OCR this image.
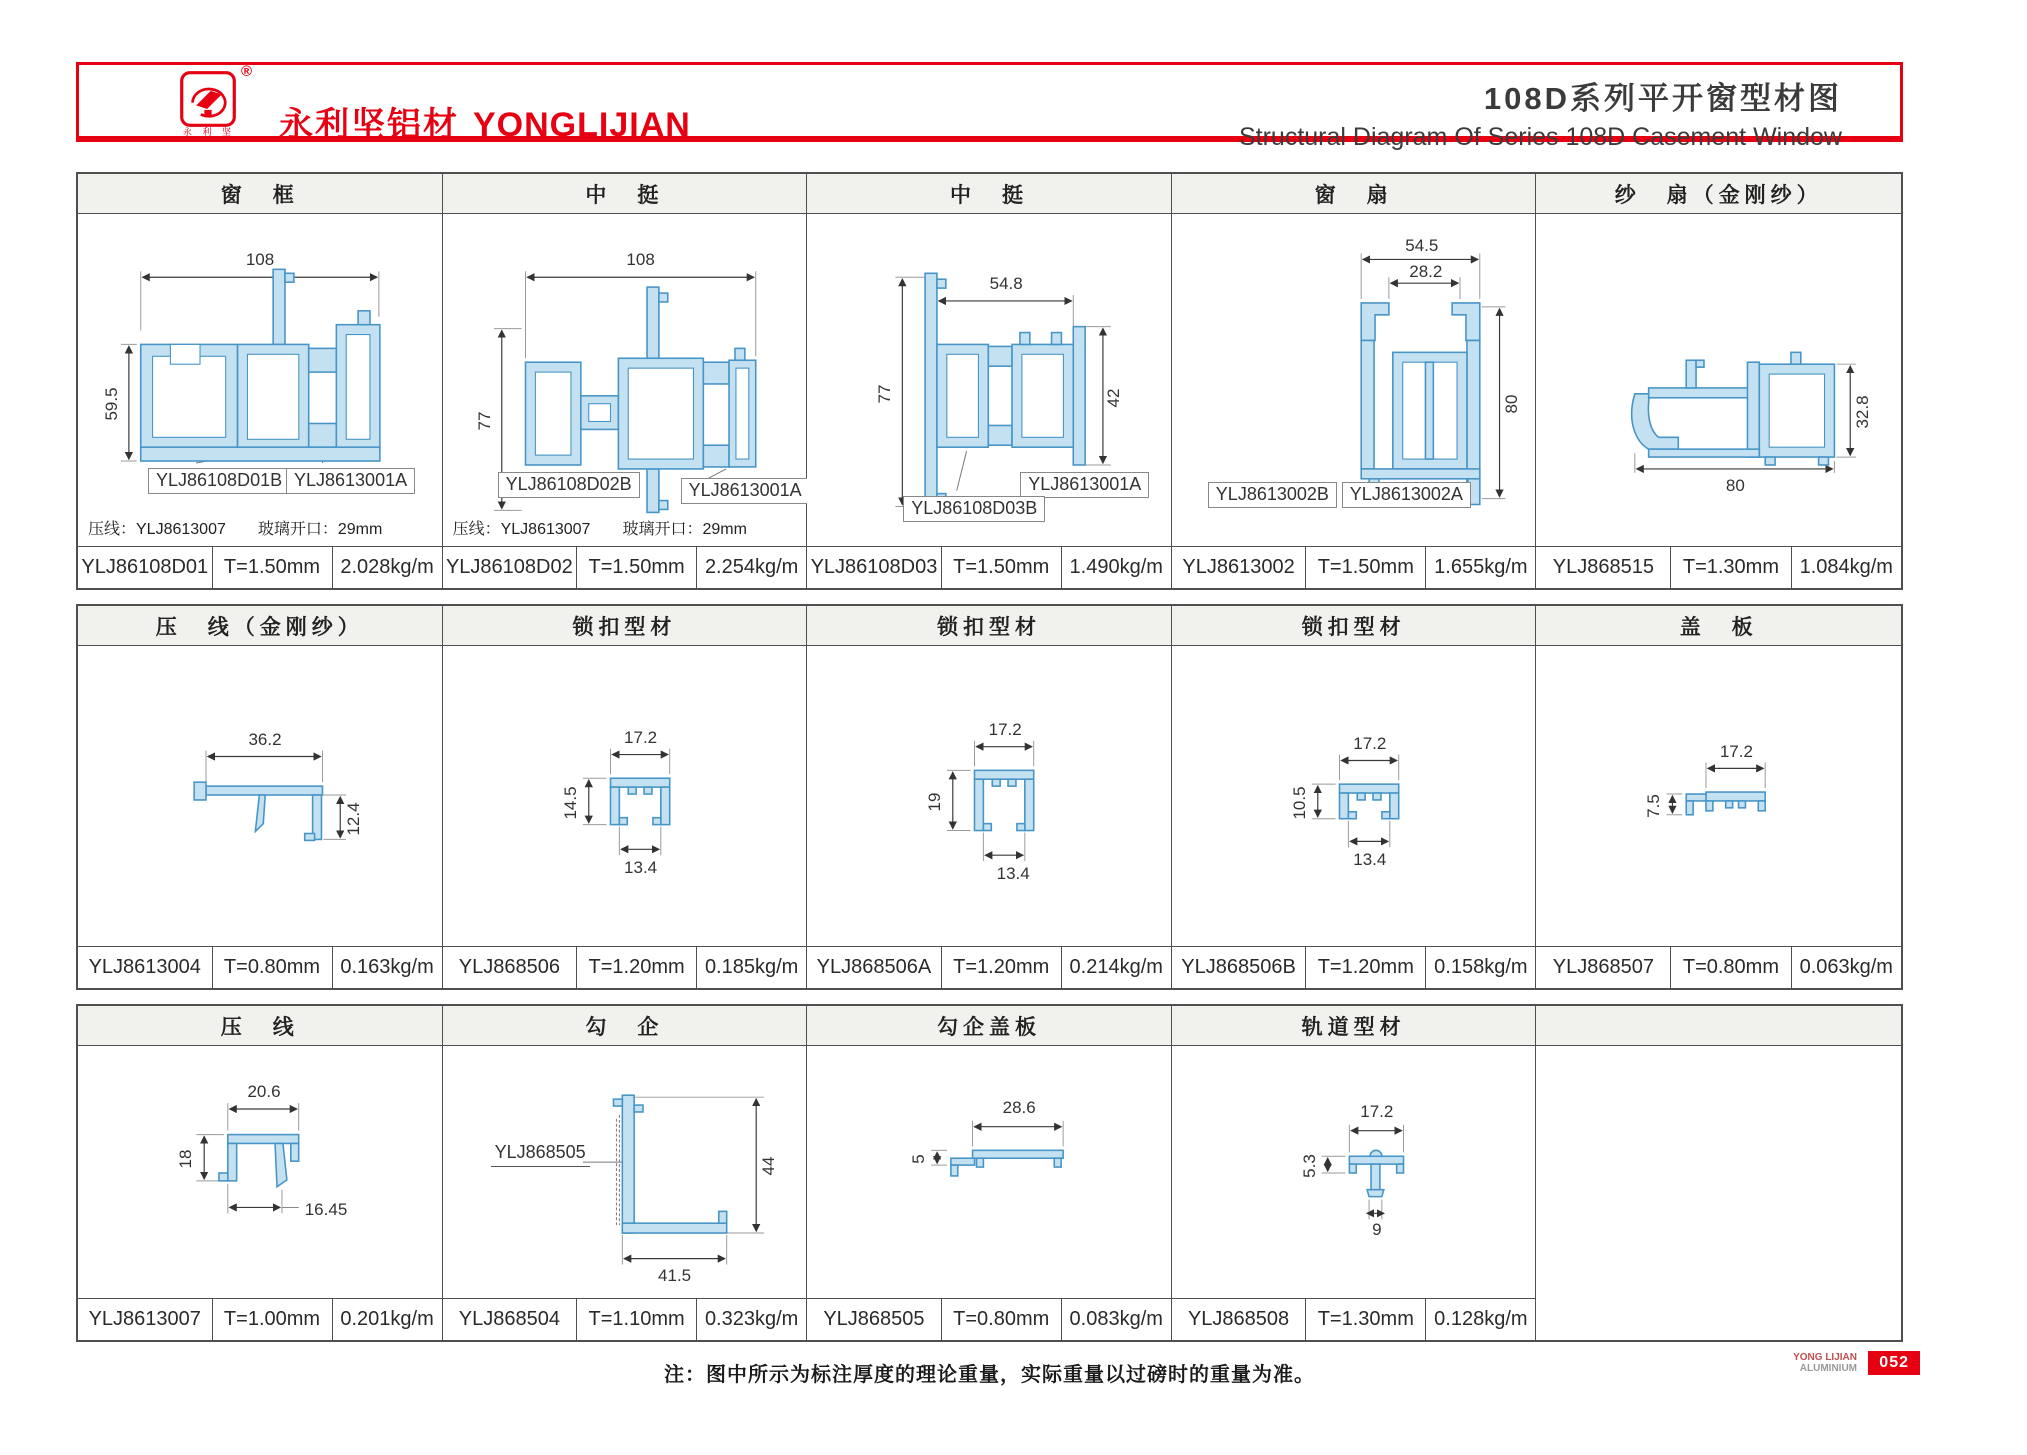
®
永 利 坚	永利坚铝材 YONGLIJIAN
108D系列平开窗型材图
Structural Diagram Of Series 108D Casement Window
窗　框
108
59.5
YLJ86108D01B YLJ8613001A
压线：YLJ8613007　　玻璃开口：29mm
YLJ86108D01 T=1.50mm	2.028kg/m
中　挺
108
77
YLJ86108D02B	YLJ8613001A
压线：YLJ8613007　　玻璃开口：29mm
YLJ86108D02 T=1.50mm	2.254kg/m
中　挺
54.8
77	42
YLJ8613001A
YLJ86108D03B
YLJ86108D03 T=1.50mm	1.490kg/m
窗　扇
54.5
28.2
80
YLJ8613002B	YLJ8613002A
YLJ8613002	T=1.50mm	1.655kg/m
纱　扇（金刚纱）
80
32.8
YLJ868515	T=1.30mm	1.084kg/m
压　线（金刚纱）
36.2
12.4
YLJ8613004	T=0.80mm	0.163kg/m
锁扣型材
17.2
14.5
13.4
YLJ868506	T=1.20mm	0.185kg/m
锁扣型材
17.2
19
13.4
YLJ868506A	T=1.20mm	0.214kg/m
锁扣型材
17.2
10.5
13.4
YLJ868506B	T=1.20mm	0.158kg/m
盖　板
17.2
7.5
YLJ868507	T=0.80mm	0.063kg/m
压　线
20.6
18
16.45
YLJ8613007	T=1.00mm	0.201kg/m
勾　企
44
41.5
YLJ868505
YLJ868504	T=1.10mm	0.323kg/m
勾企盖板
28.6
5
YLJ868505	T=0.80mm	0.083kg/m
轨道型材
17.2
5.3
9
YLJ868508	T=1.30mm	0.128kg/m
注：图中所示为标注厚度的理论重量，实际重量以过磅时的重量为准。
YONG LIJIAN
ALUMINIUM	052
